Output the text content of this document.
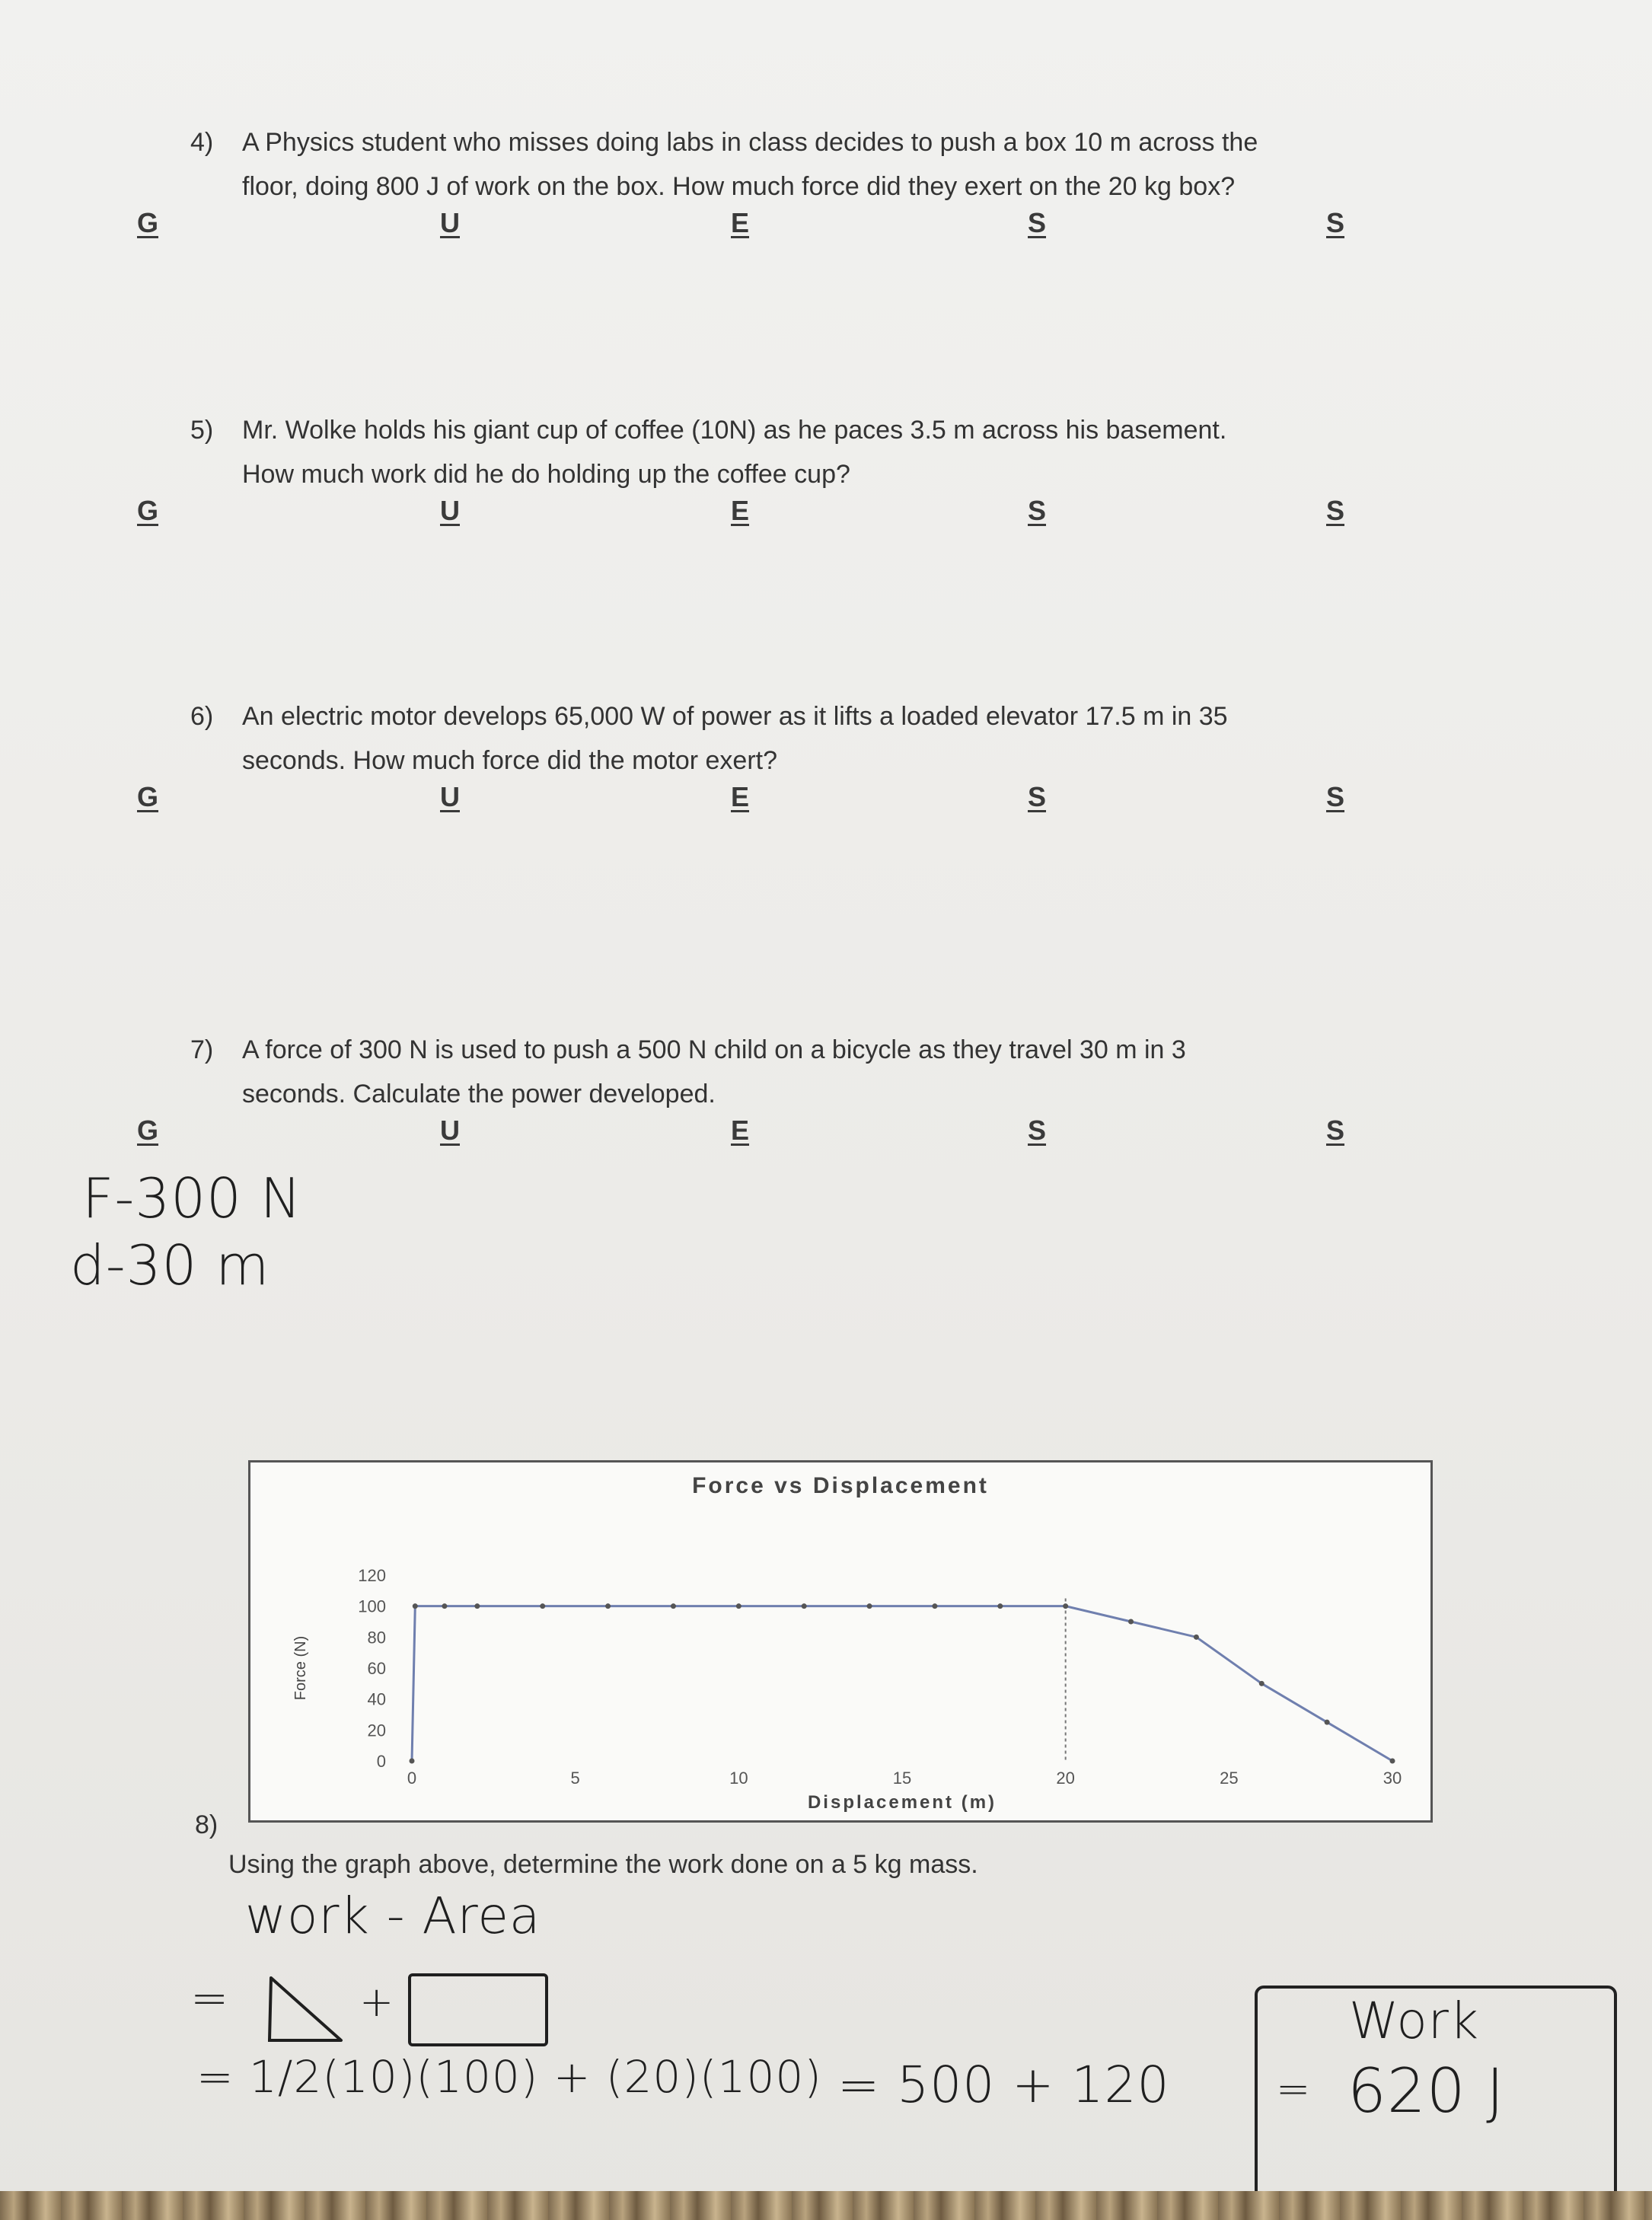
4) A Physics student who misses doing labs in class decides to push a box 10 m across the
floor, doing 800 J of work on the box. How much force did they exert on the 20 kg box?
G	U	E	S	S
5) Mr. Wolke holds his giant cup of coffee (10N) as he paces 3.5 m across his basement.
How much work did he do holding up the coffee cup?
G	U	E	S	S
6) An electric motor develops 65,000 W of power as it lifts a loaded elevator 17.5 m in 35
seconds. How much force did the motor exert?
G	U	E	S	S
7) A force of 300 N is used to push a 500 N child on a bicycle as they travel 30 m in 3
seconds. Calculate the power developed.
G	U	E	S	S
F-300 N
d-30 m
Force vs Displacement
0
20
40
60
80
100
120
0	5	10	15	20	25	30
Force (N)
Displacement (m)
8)
Using the graph above, determine the work done on a 5 kg mass.
work - Area
=	+
= 1/2(10)(100) + (20)(100) = 500 + 120
Work
= 620 J
